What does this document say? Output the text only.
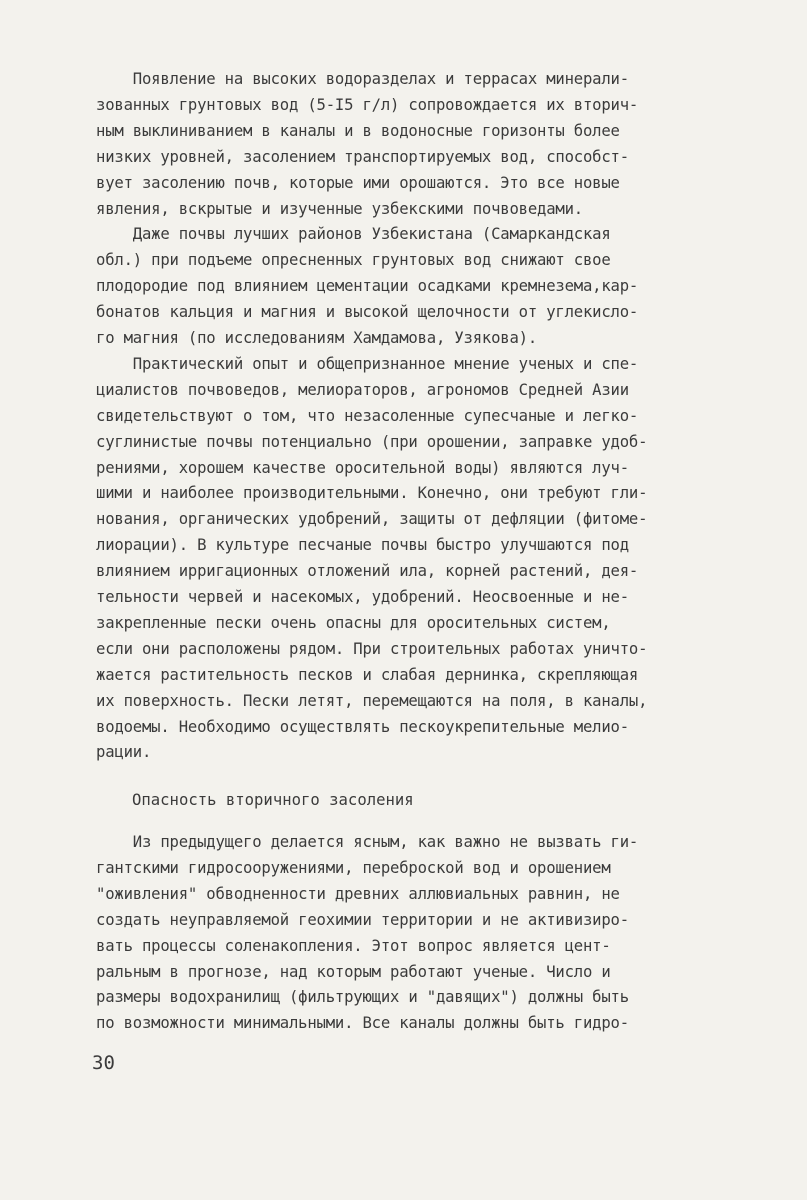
Появление на высоких водоразделах и террасах минерали-
зованных грунтовых вод (5-I5 г/л) сопровождается их вторич-
ным выклиниванием в каналы и в водоносные горизонты более
низких уровней, засолением транспортируемых вод, способст-
вует засолению почв, которые ими орошаются. Это все новые
явления, вскрытые и изученные узбекскими почвоведами.
Даже почвы лучших районов Узбекистана (Самаркандская
обл.) при подъеме опресненных грунтовых вод снижают свое
плодородие под влиянием цементации осадками кремнезема,кар-
бонатов кальция и магния и высокой щелочности от углекисло-
го магния (по исследованиям Хамдамова, Узякова).
Практический опыт и общепризнанное мнение ученых и спе-
циалистов почвоведов, мелиораторов, агрономов Средней Азии
свидетельствуют о том, что незасоленные супесчаные и легко-
суглинистые почвы потенциально (при орошении, заправке удоб-
рениями, хорошем качестве оросительной воды) являются луч-
шими и наиболее производительными. Конечно, они требуют гли-
нования, органических удобрений, защиты от дефляции (фитоме-
лиорации). В культуре песчаные почвы быстро улучшаются под
влиянием ирригационных отложений ила, корней растений, дея-
тельности червей и насекомых, удобрений. Неосвоенные и не-
закрепленные пески очень опасны для оросительных систем,
если они расположены рядом. При строительных работах уничто-
жается растительность песков и слабая дернинка, скрепляющая
их поверхность. Пески летят, перемещаются на поля, в каналы,
водоемы. Необходимо осуществлять пескоукрепительные мелио-
рации.
Опасность вторичного засоления
Из предыдущего делается ясным, как важно не вызвать ги-
гантскими гидросооружениями, переброской вод и орошением
"оживления" обводненности древних аллювиальных равнин, не
создать неуправляемой геохимии территории и не активизиро-
вать процессы соленакопления. Этот вопрос является цент-
ральным в прогнозе, над которым работают ученые. Число и
размеры водохранилищ (фильтрующих и "давящих") должны быть
по возможности минимальными. Все каналы должны быть гидро-
30
